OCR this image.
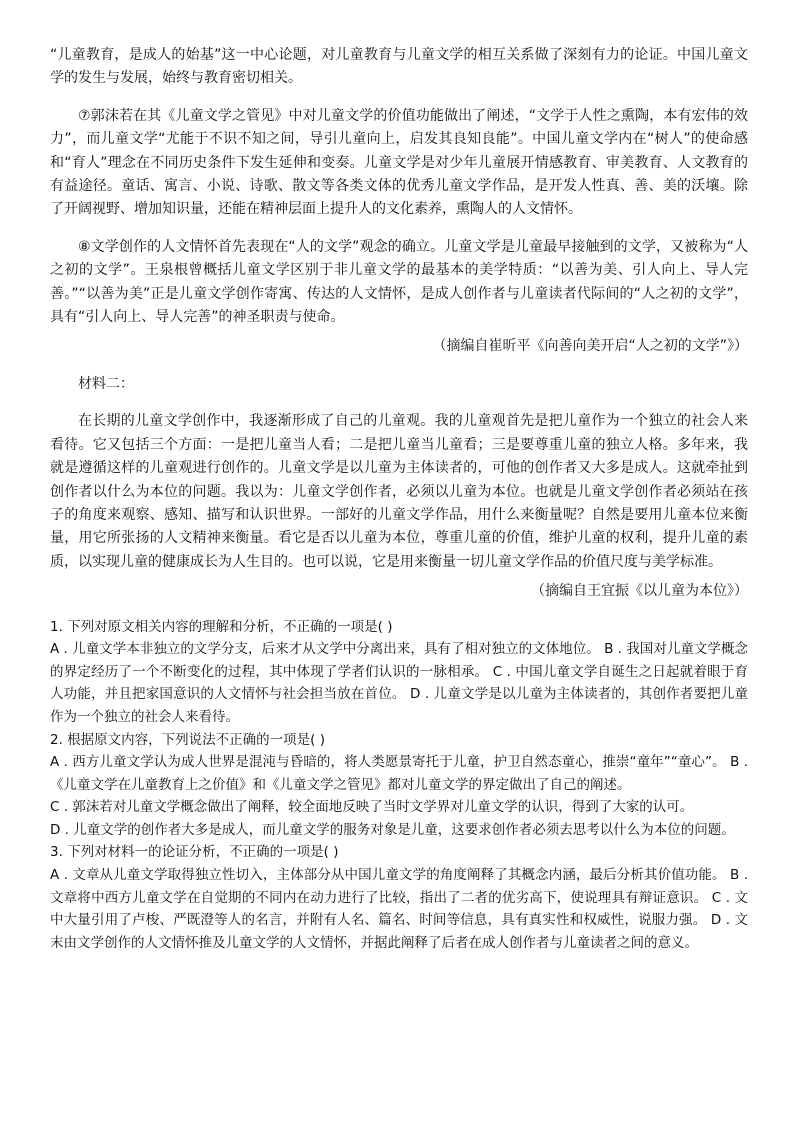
“儿童教育，是成人的始基”这一中心论题，对儿童教育与儿童文学的相互关系做了深刻有力的论证。中国儿童文学的发生与发展，始终与教育密切相关。

⑦郭沫若在其《儿童文学之管见》中对儿童文学的价值功能做出了阐述，“文学于人性之熏陶，本有宏伟的效力”，而儿童文学“尤能于不识不知之间，导引儿童向上，启发其良知良能”。中国儿童文学内在“树人”的使命感和“育人”理念在不同历史条件下发生延伸和变奏。儿童文学是对少年儿童展开情感教育、审美教育、人文教育的有益途径。童话、寓言、小说、诗歌、散文等各类文体的优秀儿童文学作品，是开发人性真、善、美的沃壤。除了开阔视野、增加知识量，还能在精神层面上提升人的文化素养，熏陶人的人文情怀。

⑧文学创作的人文情怀首先表现在“人的文学”观念的确立。儿童文学是儿童最早接触到的文学，又被称为“人之初的文学”。王泉根曾概括儿童文学区别于非儿童文学的最基本的美学特质：“以善为美、引人向上、导人完善。”“以善为美”正是儿童文学创作寄寓、传达的人文情怀，是成人创作者与儿童读者代际间的“人之初的文学”，具有“引人向上、导人完善”的神圣职责与使命。

（摘编自崔昕平《向善向美开启“人之初的文学”》）

材料二：

在长期的儿童文学创作中，我逐渐形成了自己的儿童观。我的儿童观首先是把儿童作为一个独立的社会人来看待。它又包括三个方面：一是把儿童当人看；二是把儿童当儿童看；三是要尊重儿童的独立人格。多年来，我就是遵循这样的儿童观进行创作的。儿童文学是以儿童为主体读者的，可他的创作者又大多是成人。这就牵扯到创作者以什么为本位的问题。我以为：儿童文学创作者，必须以儿童为本位。也就是儿童文学创作者必须站在孩子的角度来观察、感知、描写和认识世界。一部好的儿童文学作品，用什么来衡量呢？自然是要用儿童本位来衡量，用它所张扬的人文精神来衡量。看它是否以儿童为本位，尊重儿童的价值，维护儿童的权利，提升儿童的素质，以实现儿童的健康成长为人生目的。也可以说，它是用来衡量一切儿童文学作品的价值尺度与美学标准。

（摘编自王宜振《以儿童为本位》）

1. 下列对原文相关内容的理解和分析，不正确的一项是( )

A . 儿童文学本非独立的文学分支，后来才从文学中分离出来，具有了相对独立的文体地位。 B . 我国对儿童文学概念的界定经历了一个不断变化的过程，其中体现了学者们认识的一脉相承。 C . 中国儿童文学自诞生之日起就着眼于育人功能，并且把家国意识的人文情怀与社会担当放在首位。 D . 儿童文学是以儿童为主体读者的，其创作者要把儿童作为一个独立的社会人来看待。

2. 根据原文内容，下列说法不正确的一项是( )

A . 西方儿童文学认为成人世界是混沌与昏暗的，将人类愿景寄托于儿童，护卫自然态童心，推崇“童年”“童心”。 B . 《儿童文学在儿童教育上之价值》和《儿童文学之管见》都对儿童文学的界定做出了自己的阐述。

C . 郭沫若对儿童文学概念做出了阐释，较全面地反映了当时文学界对儿童文学的认识，得到了大家的认可。

D . 儿童文学的创作者大多是成人，而儿童文学的服务对象是儿童，这要求创作者必须去思考以什么为本位的问题。

3. 下列对材料一的论证分析，不正确的一项是( )

A . 文章从儿童文学取得独立性切入，主体部分从中国儿童文学的角度阐释了其概念内涵，最后分析其价值功能。 B . 文章将中西方儿童文学在自觉期的不同内在动力进行了比较，指出了二者的优劣高下，使说理具有辩证意识。 C . 文中大量引用了卢梭、严既澄等人的名言，并附有人名、篇名、时间等信息，具有真实性和权威性，说服力强。 D . 文末由文学创作的人文情怀推及儿童文学的人文情怀，并据此阐释了后者在成人创作者与儿童读者之间的意义。
